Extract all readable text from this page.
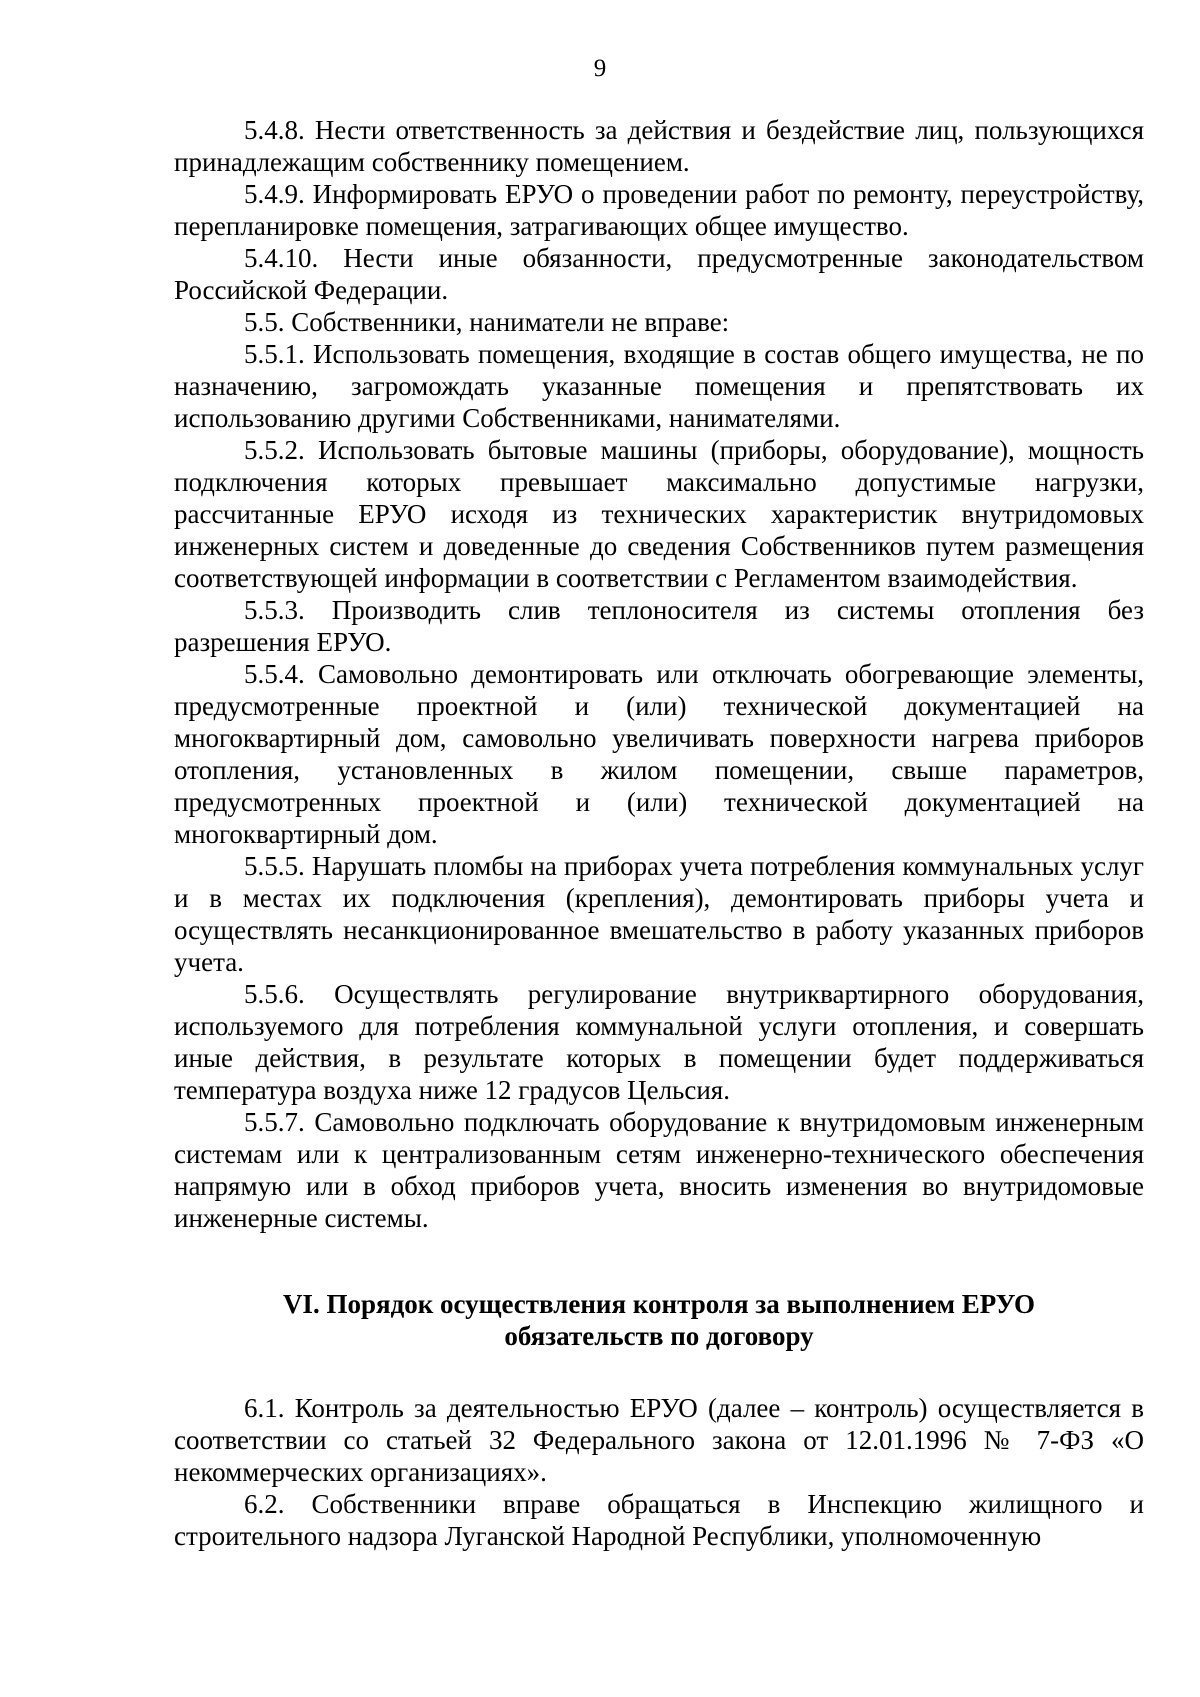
9

5.4.8. Нести ответственность за действия и бездействие лиц, пользующихся принадлежащим собственнику помещением.

5.4.9. Информировать ЕРУО о проведении работ по ремонту, переустройству, перепланировке помещения, затрагивающих общее имущество.

5.4.10. Нести иные обязанности, предусмотренные законодательством Российской Федерации.

5.5. Собственники, наниматели не вправе:

5.5.1. Использовать помещения, входящие в состав общего имущества, не по назначению, загромождать указанные помещения и препятствовать их использованию другими Собственниками, нанимателями.

5.5.2. Использовать бытовые машины (приборы, оборудование), мощность подключения которых превышает максимально допустимые нагрузки, рассчитанные ЕРУО исходя из технических характеристик внутридомовых инженерных систем и доведенные до сведения Собственников путем размещения соответствующей информации в соответствии с Регламентом взаимодействия.

5.5.3. Производить слив теплоносителя из системы отопления без разрешения ЕРУО.

5.5.4. Самовольно демонтировать или отключать обогревающие элементы, предусмотренные проектной и (или) технической документацией на многоквартирный дом, самовольно увеличивать поверхности нагрева приборов отопления, установленных в жилом помещении, свыше параметров, предусмотренных проектной и (или) технической документацией на многоквартирный дом.

5.5.5. Нарушать пломбы на приборах учета потребления коммунальных услуг и в местах их подключения (крепления), демонтировать приборы учета и осуществлять несанкционированное вмешательство в работу указанных приборов учета.

5.5.6. Осуществлять регулирование внутриквартирного оборудования, используемого для потребления коммунальной услуги отопления, и совершать иные действия, в результате которых в помещении будет поддерживаться температура воздуха ниже 12 градусов Цельсия.

5.5.7. Самовольно подключать оборудование к внутридомовым инженерным системам или к централизованным сетям инженерно-технического обеспечения напрямую или в обход приборов учета, вносить изменения во внутридомовые инженерные системы.

VI. Порядок осуществления контроля за выполнением ЕРУО
обязательств по договору

6.1. Контроль за деятельностью ЕРУО (далее – контроль) осуществляется в соответствии со статьей 32 Федерального закона от 12.01.1996 № 7-ФЗ «О некоммерческих организациях».

6.2. Собственники вправе обращаться в Инспекцию жилищного и строительного надзора Луганской Народной Республики, уполномоченную
